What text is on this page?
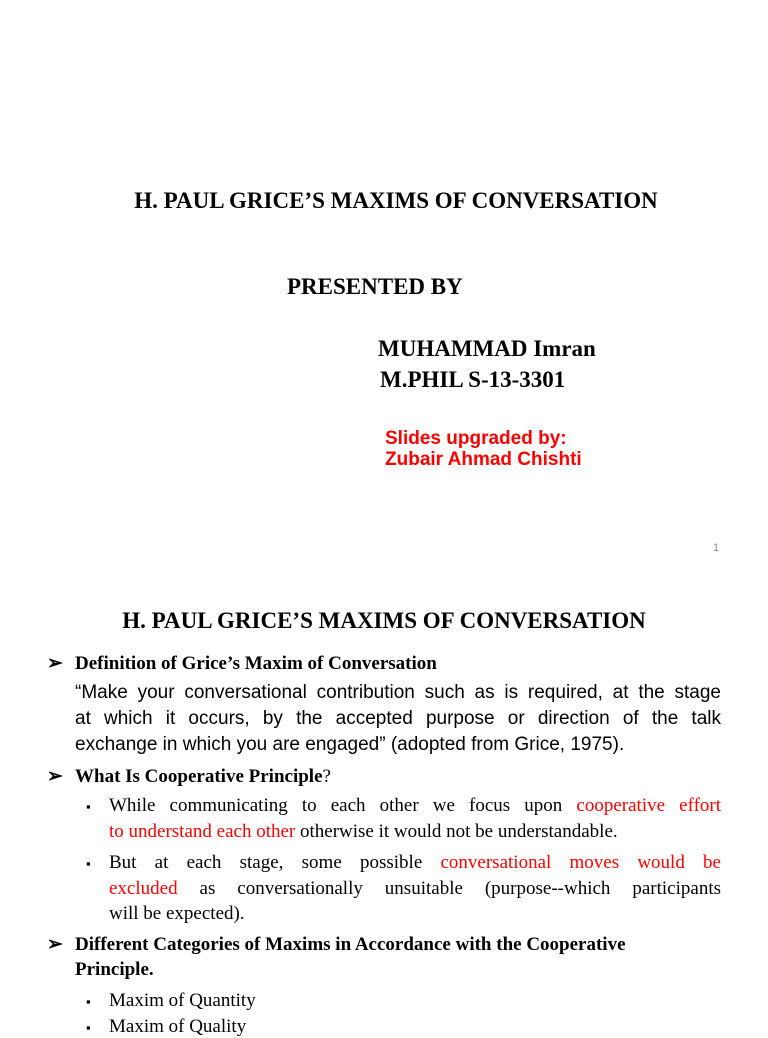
H. PAUL GRICE’S MAXIMS OF CONVERSATION
PRESENTED BY
MUHAMMAD Imran
M.PHIL S-13-3301
Slides upgraded by:
Zubair Ahmad Chishti
1
H. PAUL GRICE’S MAXIMS OF CONVERSATION
➢ Definition of Grice’s Maxim of Conversation
“Make your conversational contribution such as is required, at the stage
at which it occurs, by the accepted purpose or direction of the talk
exchange in which you are engaged” (adopted from Grice, 1975).
➢ What Is Cooperative Principle?
▪ While communicating to each other we focus upon cooperative effort
to understand each other otherwise it would not be understandable.
▪ But at each stage, some possible conversational moves would be
excluded as conversationally unsuitable (purpose--which participants
will be expected).
➢ Different Categories of Maxims in Accordance with the Cooperative
Principle.
▪ Maxim of Quantity
▪ Maxim of Quality
